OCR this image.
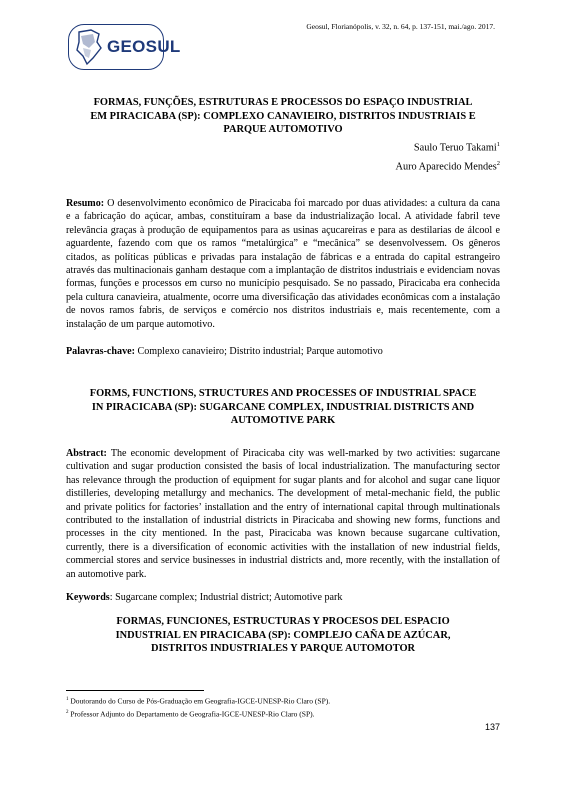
GEOSUL
Geosul, Florianópolis, v. 32, n. 64, p. 137-151, mai./ago. 2017.
FORMAS, FUNÇÕES, ESTRUTURAS E PROCESSOS DO ESPAÇO INDUSTRIAL
EM PIRACICABA (SP): COMPLEXO CANAVIEIRO, DISTRITOS INDUSTRIAIS E
PARQUE AUTOMOTIVO
Saulo Teruo Takami$^1$
Auro Aparecido Mendes$^2$
Resumo: O desenvolvimento econômico de Piracicaba foi marcado por duas atividades: a cultura da cana e a fabricação do açúcar, ambas, constituíram a base da industrialização local. A atividade fabril teve relevância graças à produção de equipamentos para as usinas açucareiras e para as destilarias de álcool e aguardente, fazendo com que os ramos “metalúrgica” e “mecânica” se desenvolvessem. Os gêneros citados, as políticas públicas e privadas para instalação de fábricas e a entrada do capital estrangeiro através das multinacionais ganham destaque com a implantação de distritos industriais e evidenciam novas formas, funções e processos em curso no município pesquisado. Se no passado, Piracicaba era conhecida pela cultura canavieira, atualmente, ocorre uma diversificação das atividades econômicas com a instalação de novos ramos fabris, de serviços e comércio nos distritos industriais e, mais recentemente, com a instalação de um parque automotivo.
Palavras-chave: Complexo canavieiro; Distrito industrial; Parque automotivo
FORMS, FUNCTIONS, STRUCTURES AND PROCESSES OF INDUSTRIAL SPACE
IN PIRACICABA (SP): SUGARCANE COMPLEX, INDUSTRIAL DISTRICTS AND
AUTOMOTIVE PARK
Abstract: The economic development of Piracicaba city was well-marked by two activities: sugarcane cultivation and sugar production consisted the basis of local industrialization. The manufacturing sector has relevance through the production of equipment for sugar plants and for alcohol and sugar cane liquor distilleries, developing metallurgy and mechanics. The development of metal-mechanic field, the public and private politics for factories’ installation and the entry of international capital through multinationals contributed to the installation of industrial districts in Piracicaba and showing new forms, functions and processes in the city mentioned. In the past, Piracicaba was known because sugarcane cultivation, currently, there is a diversification of economic activities with the installation of new industrial fields, commercial stores and service businesses in industrial districts and, more recently, with the installation of an automotive park.
Keywords: Sugarcane complex; Industrial district; Automotive park
FORMAS, FUNCIONES, ESTRUCTURAS Y PROCESOS DEL ESPACIO
INDUSTRIAL EN PIRACICABA (SP): COMPLEJO CAÑA DE AZÚCAR,
DISTRITOS INDUSTRIALES Y PARQUE AUTOMOTOR
$^1$ Doutorando do Curso de Pós-Graduação em Geografia-IGCE-UNESP-Rio Claro (SP).
$^2$ Professor Adjunto do Departamento de Geografia-IGCE-UNESP-Rio Claro (SP).
137
